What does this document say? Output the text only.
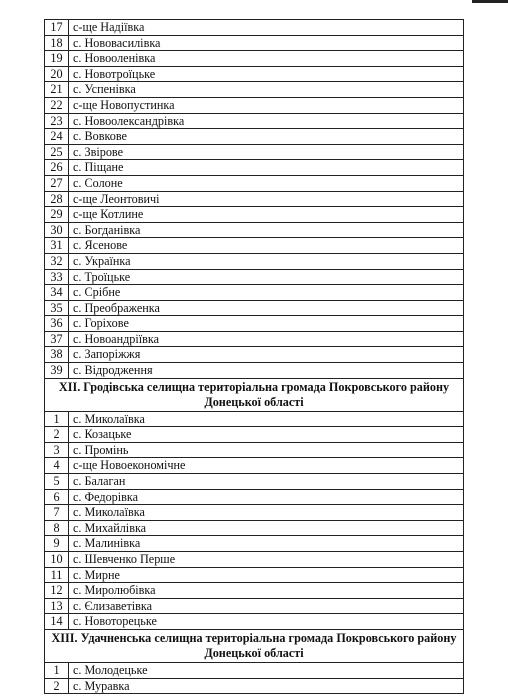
17	с-ще Надіївка
18	с. Нововасилівка
19	с. Новооленівка
20	с. Новотроїцьке
21	с. Успенівка
22	с-ще Новопустинка
23	с. Новоолександрівка
24	с. Вовкове
25	с. Звірове
26	с. Піщане
27	с. Солоне
28	с-ще Леонтовичі
29	с-ще Котлине
30	с. Богданівка
31	с. Ясенове
32	с. Українка
33	с. Троїцьке
34	с. Срібне
35	с. Преображенка
36	с. Горіхове
37	с. Новоандріївка
38	с. Запоріжжя
39	с. Відродження
XII. Гродівська селищна територіальна громада Покровського району Донецької області	
1	с. Миколаївка
2	с. Козацьке
3	с. Промінь
4	с-ще Новоекономічне
5	с. Балаган
6	с. Федорівка
7	с. Миколаївка
8	с. Михайлівка
9	с. Малинівка
10	с. Шевченко Перше
11	с. Мирне
12	с. Миролюбівка
13	с. Єлизаветівка
14	с. Новоторецьке
XIII. Удачненська селищна територіальна громада Покровського району Донецької області	
1	с. Молодецьке
2	с. Муравка
